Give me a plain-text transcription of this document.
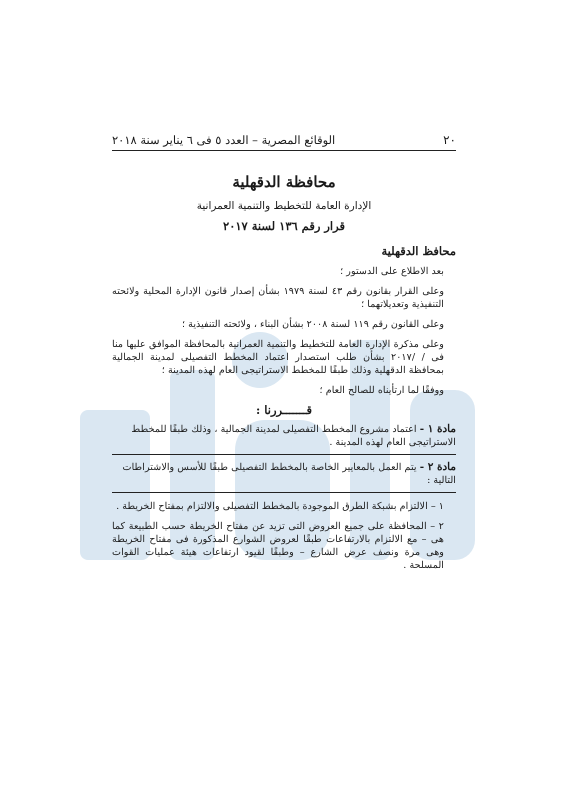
٢٠
الوقائع المصرية – العدد ٥ فى ٦ يناير سنة ٢٠١٨
محافظة الدقهلية
الإدارة العامة للتخطيط والتنمية العمرانية
قرار رقم ١٣٦ لسنة ٢٠١٧
محافظ الدقهلية
بعد الاطلاع على الدستور ؛
وعلى القرار بقانون رقم ٤٣ لسنة ١٩٧٩ بشأن إصدار قانون الإدارة المحلية ولائحته التنفيذية وتعديلاتهما ؛
وعلى القانون رقم ١١٩ لسنة ٢٠٠٨ بشأن البناء ، ولائحته التنفيذية ؛
وعلى مذكرة الإدارة العامة للتخطيط والتنمية العمرانية بالمحافظة الموافق عليها منا فى / /٢٠١٧ بشأن طلب استصدار اعتماد المخطط التفصيلى لمدينة الجمالية بمحافظة الدقهلية وذلك طبقًا للمخطط الاستراتيجى العام لهذه المدينة ؛
ووفقًا لما ارتأيناه للصالح العام ؛
قـــــــررنا :
مادة ١ - اعتماد مشروع المخطط التفصيلى لمدينة الجمالية ، وذلك طبقًا للمخطط الاستراتيجى العام لهذه المدينة .
مادة ٢ - يتم العمل بالمعايير الخاصة بالمخطط التفصيلى طبقًا للأسس والاشتراطات التالية :
١ – الالتزام بشبكة الطرق الموجودة بالمخطط التفصيلى والالتزام بمفتاح الخريطة .
٢ – المحافظة على جميع العروض التى تزيد عن مفتاح الخريطة حسب الطبيعة كما هى – مع الالتزام بالارتفاعات طبقًا لعروض الشوارع المذكورة فى مفتاح الخريطة وهى مرة ونصف عرض الشارع – وطبقًا لقيود ارتفاعات هيئة عمليات القوات المسلحة .
